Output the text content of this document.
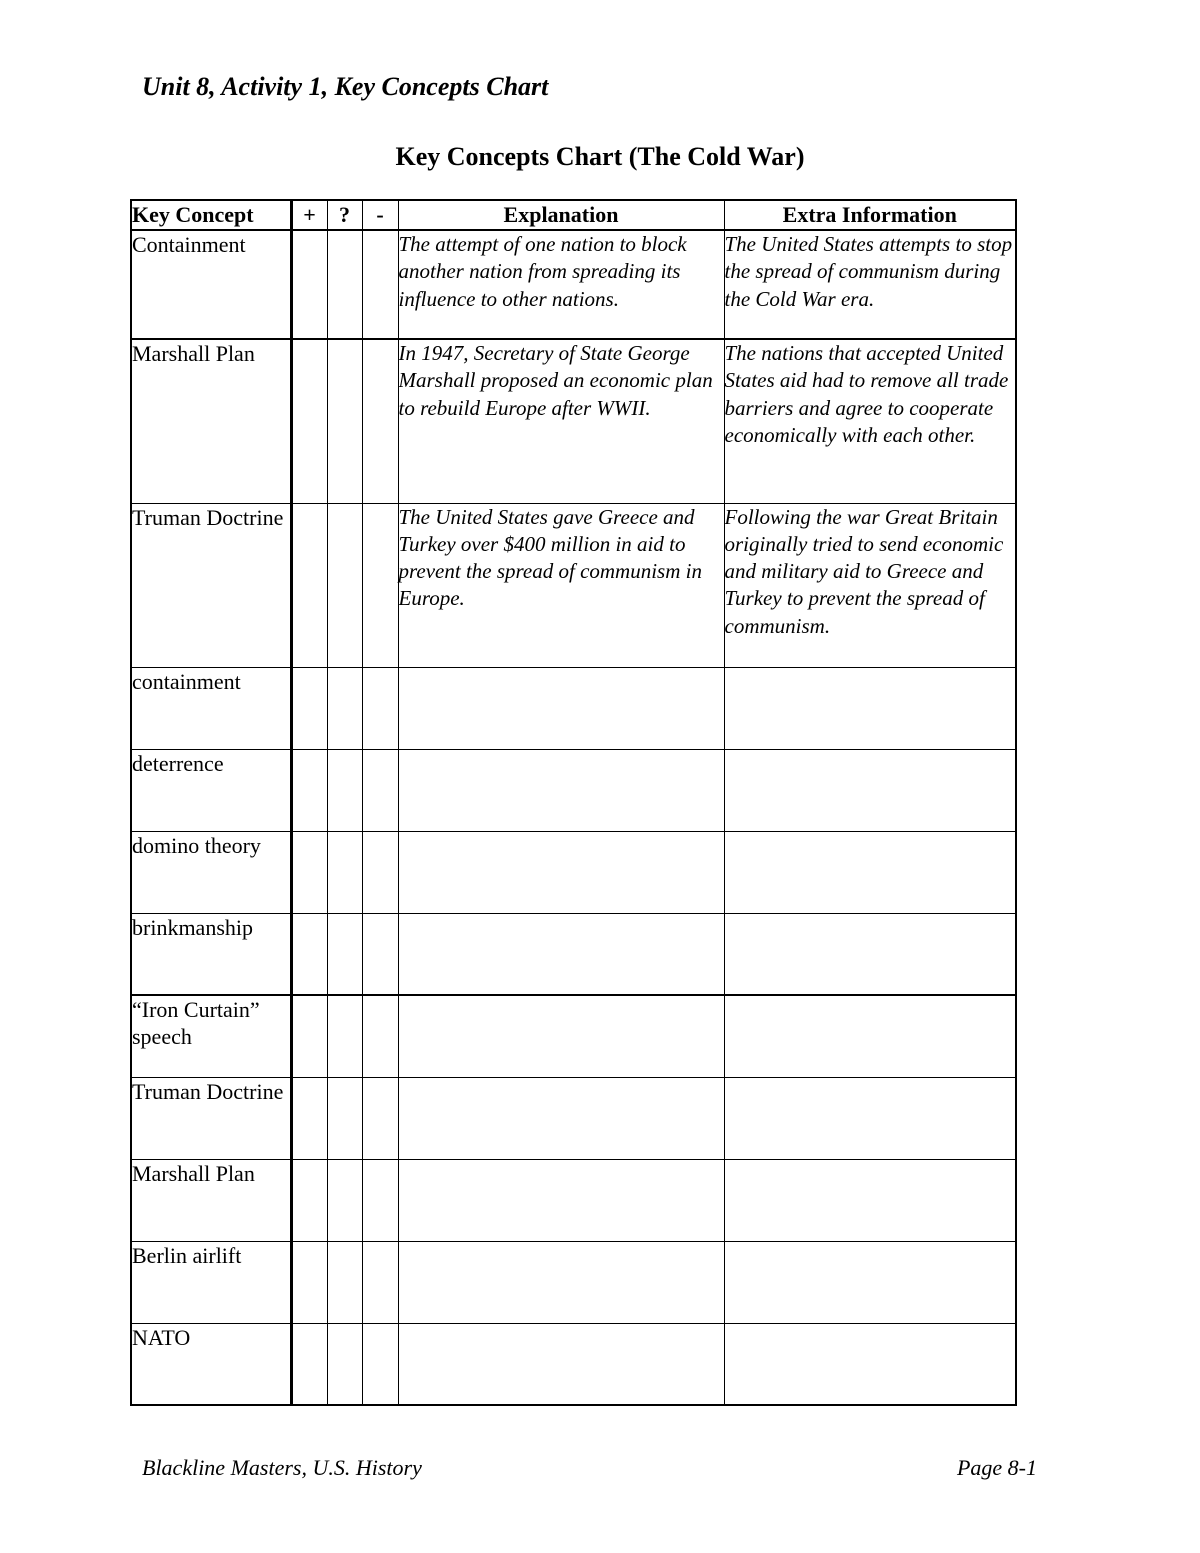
Unit 8, Activity 1, Key Concepts Chart
Key Concepts Chart (The Cold War)
Key Concept	+	?	-	Explanation	Extra Information
Containment				The attempt of one nation to block another nation from spreading its influence to other nations.	The United States attempts to stop the spread of communism during the Cold War era.
Marshall Plan				In 1947, Secretary of State George Marshall proposed an economic plan to rebuild Europe after WWII.	The nations that accepted United States aid had to remove all trade barriers and agree to cooperate economically with each other.
Truman Doctrine				The United States gave Greece and Turkey over $400 million in aid to prevent the spread of communism in Europe.	Following the war Great Britain originally tried to send economic and military aid to Greece and Turkey to prevent the spread of communism.
containment					
deterrence					
domino theory					
brinkmanship					
“Iron Curtain” speech					
Truman Doctrine					
Marshall Plan					
Berlin airlift					
NATO					

Blackline Masters, U.S. History	Page 8-1
